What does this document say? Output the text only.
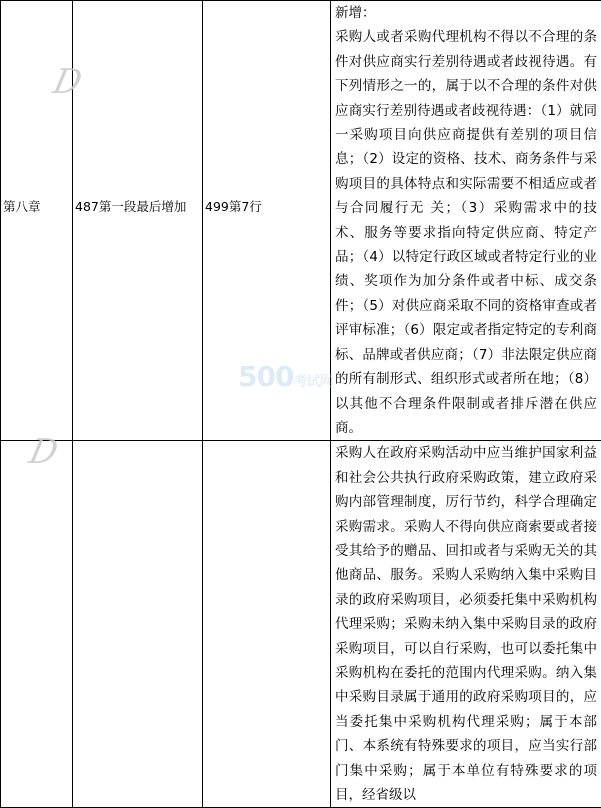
第八章	487第一段最后增加	499第7行	新增：
采购人或者采购代理机构不得以不合理的条件对供应商实行差别待遇或者歧视待遇。有下列情形之一的，属于以不合理的条件对供应商实行差别待遇或者歧视待遇：（1）就同一采购项目向供应商提供有差别的项目信息；（2）设定的资格、技术、商务条件与采购项目的具体特点和实际需要不相适应或者与合同履行无 关；（3）采购需求中的技术、服务等要求指向特定供应商、特定产品；（4）以特定行政区域或者特定行业的业绩、奖项作为加分条件或者中标、成交条件；（5）对供应商采取不同的资格审查或者评审标准；（6）限定或者指定特定的专利商标、品牌或者供应商；（7）非法限定供应商的所有制形式、组织形式或者所在地；（8）以其他不合理条件限制或者排斥潜在供应商。

			采购人在政府采购活动中应当维护国家利益和社会公共执行政府采购政策，建立政府采购内部管理制度，厉行节约，科学合理确定采购需求。采购人不得向供应商索要或者接受其给予的赠品、回扣或者与采购无关的其他商品、服务。采购人采购纳入集中采购目录的政府采购项目，必须委托集中采购机构代理采购；采购未纳入集中采购目录的政府采购项目，可以自行采购，也可以委托集中采购机构在委托的范围内代理采购。纳入集中采购目录属于通用的政府采购项目的，应当委托集中采购机构代理采购；属于本部门、本系统有特殊要求的项目，应当实行部门集中采购；属于本单位有特殊要求的项目，经省级以
D
D
500考试网
